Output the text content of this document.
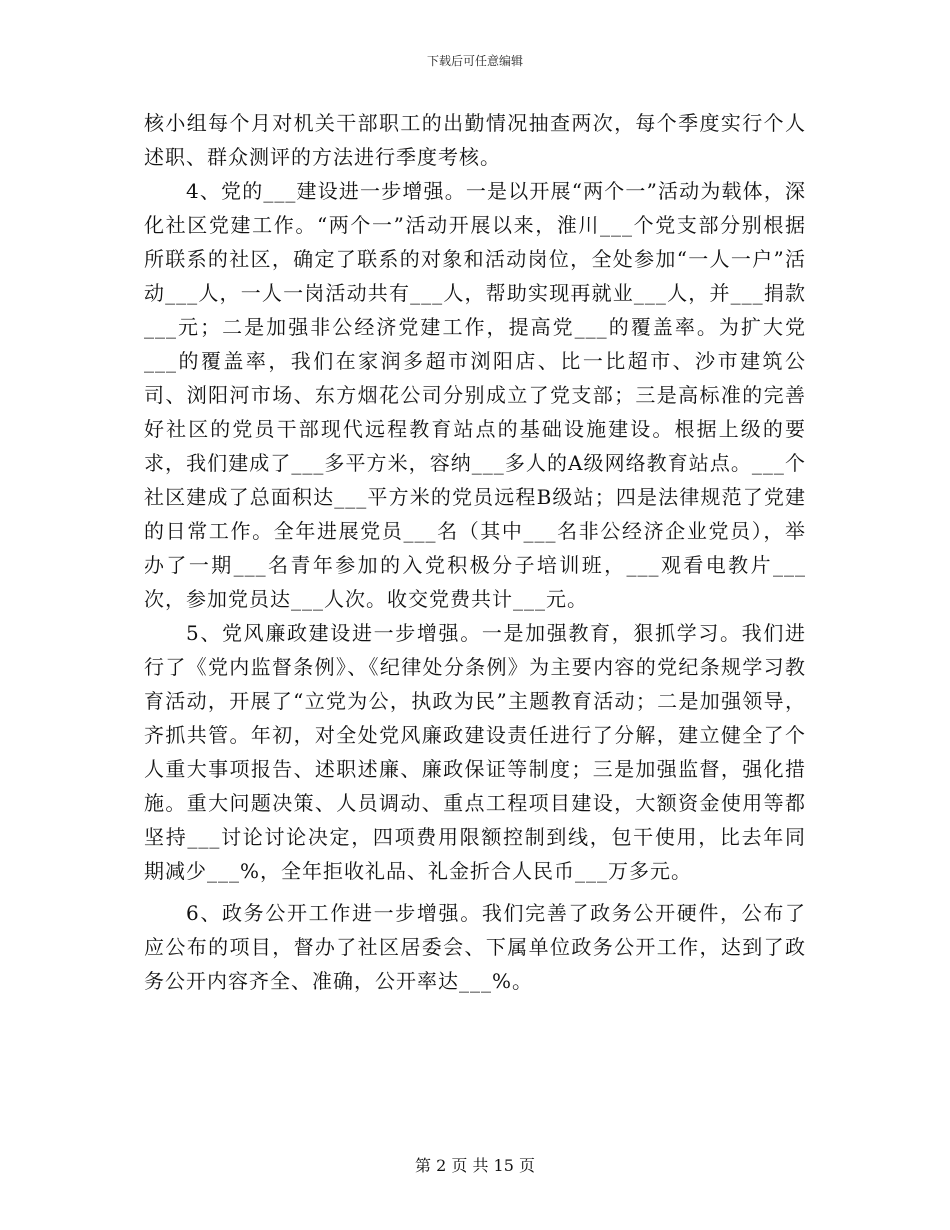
下载后可任意编辑

核小组每个月对机关干部职工的出勤情况抽查两次，每个季度实行个人述职、群众测评的方法进行季度考核。

4、党的___建设进一步增强。一是以开展“两个一”活动为载体，深化社区党建工作。“两个一”活动开展以来，淮川___个党支部分别根据所联系的社区，确定了联系的对象和活动岗位，全处参加“一人一户”活动___人，一人一岗活动共有___人，帮助实现再就业___人，并___捐款___元；二是加强非公经济党建工作，提高党___的覆盖率。为扩大党___的覆盖率，我们在家润多超市浏阳店、比一比超市、沙市建筑公司、浏阳河市场、东方烟花公司分别成立了党支部；三是高标准的完善好社区的党员干部现代远程教育站点的基础设施建设。根据上级的要求，我们建成了___多平方米，容纳___多人的A级网络教育站点。___个社区建成了总面积达___平方米的党员远程B级站；四是法律规范了党建的日常工作。全年进展党员___名（其中___名非公经济企业党员），举办了一期___名青年参加的入党积极分子培训班，___观看电教片___次，参加党员达___人次。收交党费共计___元。

5、党风廉政建设进一步增强。一是加强教育，狠抓学习。我们进行了《党内监督条例》、《纪律处分条例》为主要内容的党纪条规学习教育活动，开展了“立党为公，执政为民”主题教育活动；二是加强领导，齐抓共管。年初，对全处党风廉政建设责任进行了分解，建立健全了个人重大事项报告、述职述廉、廉政保证等制度；三是加强监督，强化措施。重大问题决策、人员调动、重点工程项目建设，大额资金使用等都坚持___讨论讨论决定，四项费用限额控制到线，包干使用，比去年同期减少___%，全年拒收礼品、礼金折合人民币___万多元。

6、政务公开工作进一步增强。我们完善了政务公开硬件，公布了应公布的项目，督办了社区居委会、下属单位政务公开工作，达到了政务公开内容齐全、准确，公开率达___%。

第 2 页 共 15 页
